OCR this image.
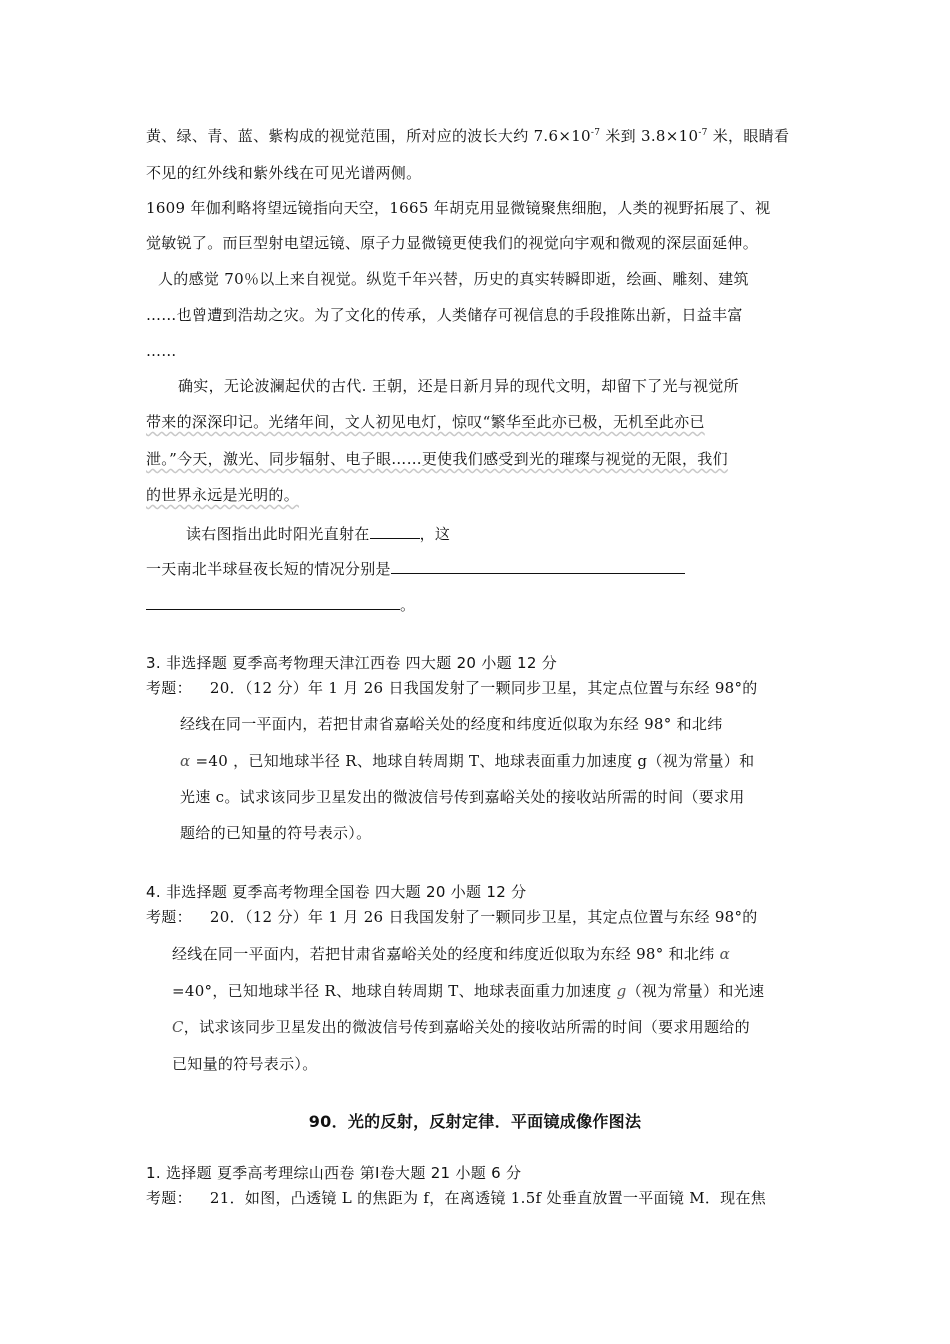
黄、绿、青、蓝、紫构成的视觉范围，所对应的波长大约 $7.6\times 10^{-7}$ 米到 $3.8\times 10^{-7}$ 米，眼睛看
不见的红外线和紫外线在可见光谱两侧。
1609 年伽利略将望远镜指向天空，1665 年胡克用显微镜聚焦细胞，人类的视野拓展了、视
觉敏锐了。而巨型射电望远镜、原子力显微镜更使我们的视觉向宇观和微观的深层面延伸。
人的感觉 70％以上来自视觉。纵览千年兴替，历史的真实转瞬即逝，绘画、雕刻、建筑
……也曾遭到浩劫之灾。为了文化的传承，人类储存可视信息的手段推陈出新，日益丰富
……
确实，无论波澜起伏的古代. 王朝，还是日新月异的现代文明，却留下了光与视觉所
带来的深深印记。光绪年间，文人初见电灯，惊叹“繁华至此亦已极，无机至此亦已
泄。”今天，激光、同步辐射、电子眼……更使我们感受到光的璀璨与视觉的无限，我们
的世界永远是光明的。
读右图指出此时阳光直射在	，这
一天南北半球昼夜长短的情况分别是
。
3. 非选择题 夏季高考物理天津江西卷 四大题 20 小题 12 分
考题： 20．（12 分）年 1 月 26 日我国发射了一颗同步卫星，其定点位置与东经 98°的
经线在同一平面内，若把甘肃省嘉峪关处的经度和纬度近似取为东经 98° 和北纬
α =40 ，已知地球半径 R、地球自转周期 T、地球表面重力加速度 g（视为常量）和
光速 c。试求该同步卫星发出的微波信号传到嘉峪关处的接收站所需的时间（要求用
题给的已知量的符号表示）。
4. 非选择题 夏季高考物理全国卷 四大题 20 小题 12 分
考题： 20．（12 分）年 1 月 26 日我国发射了一颗同步卫星，其定点位置与东经 98°的
经线在同一平面内，若把甘肃省嘉峪关处的经度和纬度近似取为东经 98° 和北纬 α
=40°，已知地球半径 R、地球自转周期 T、地球表面重力加速度 g（视为常量）和光速
C，试求该同步卫星发出的微波信号传到嘉峪关处的接收站所需的时间（要求用题给的
已知量的符号表示）。
90．光的反射，反射定律．平面镜成像作图法
1. 选择题 夏季高考理综山西卷 第Ⅰ卷大题 21 小题 6 分
考题： 21．如图，凸透镜 L 的焦距为 f，在离透镜 1.5f 处垂直放置一平面镜 M．现在焦
